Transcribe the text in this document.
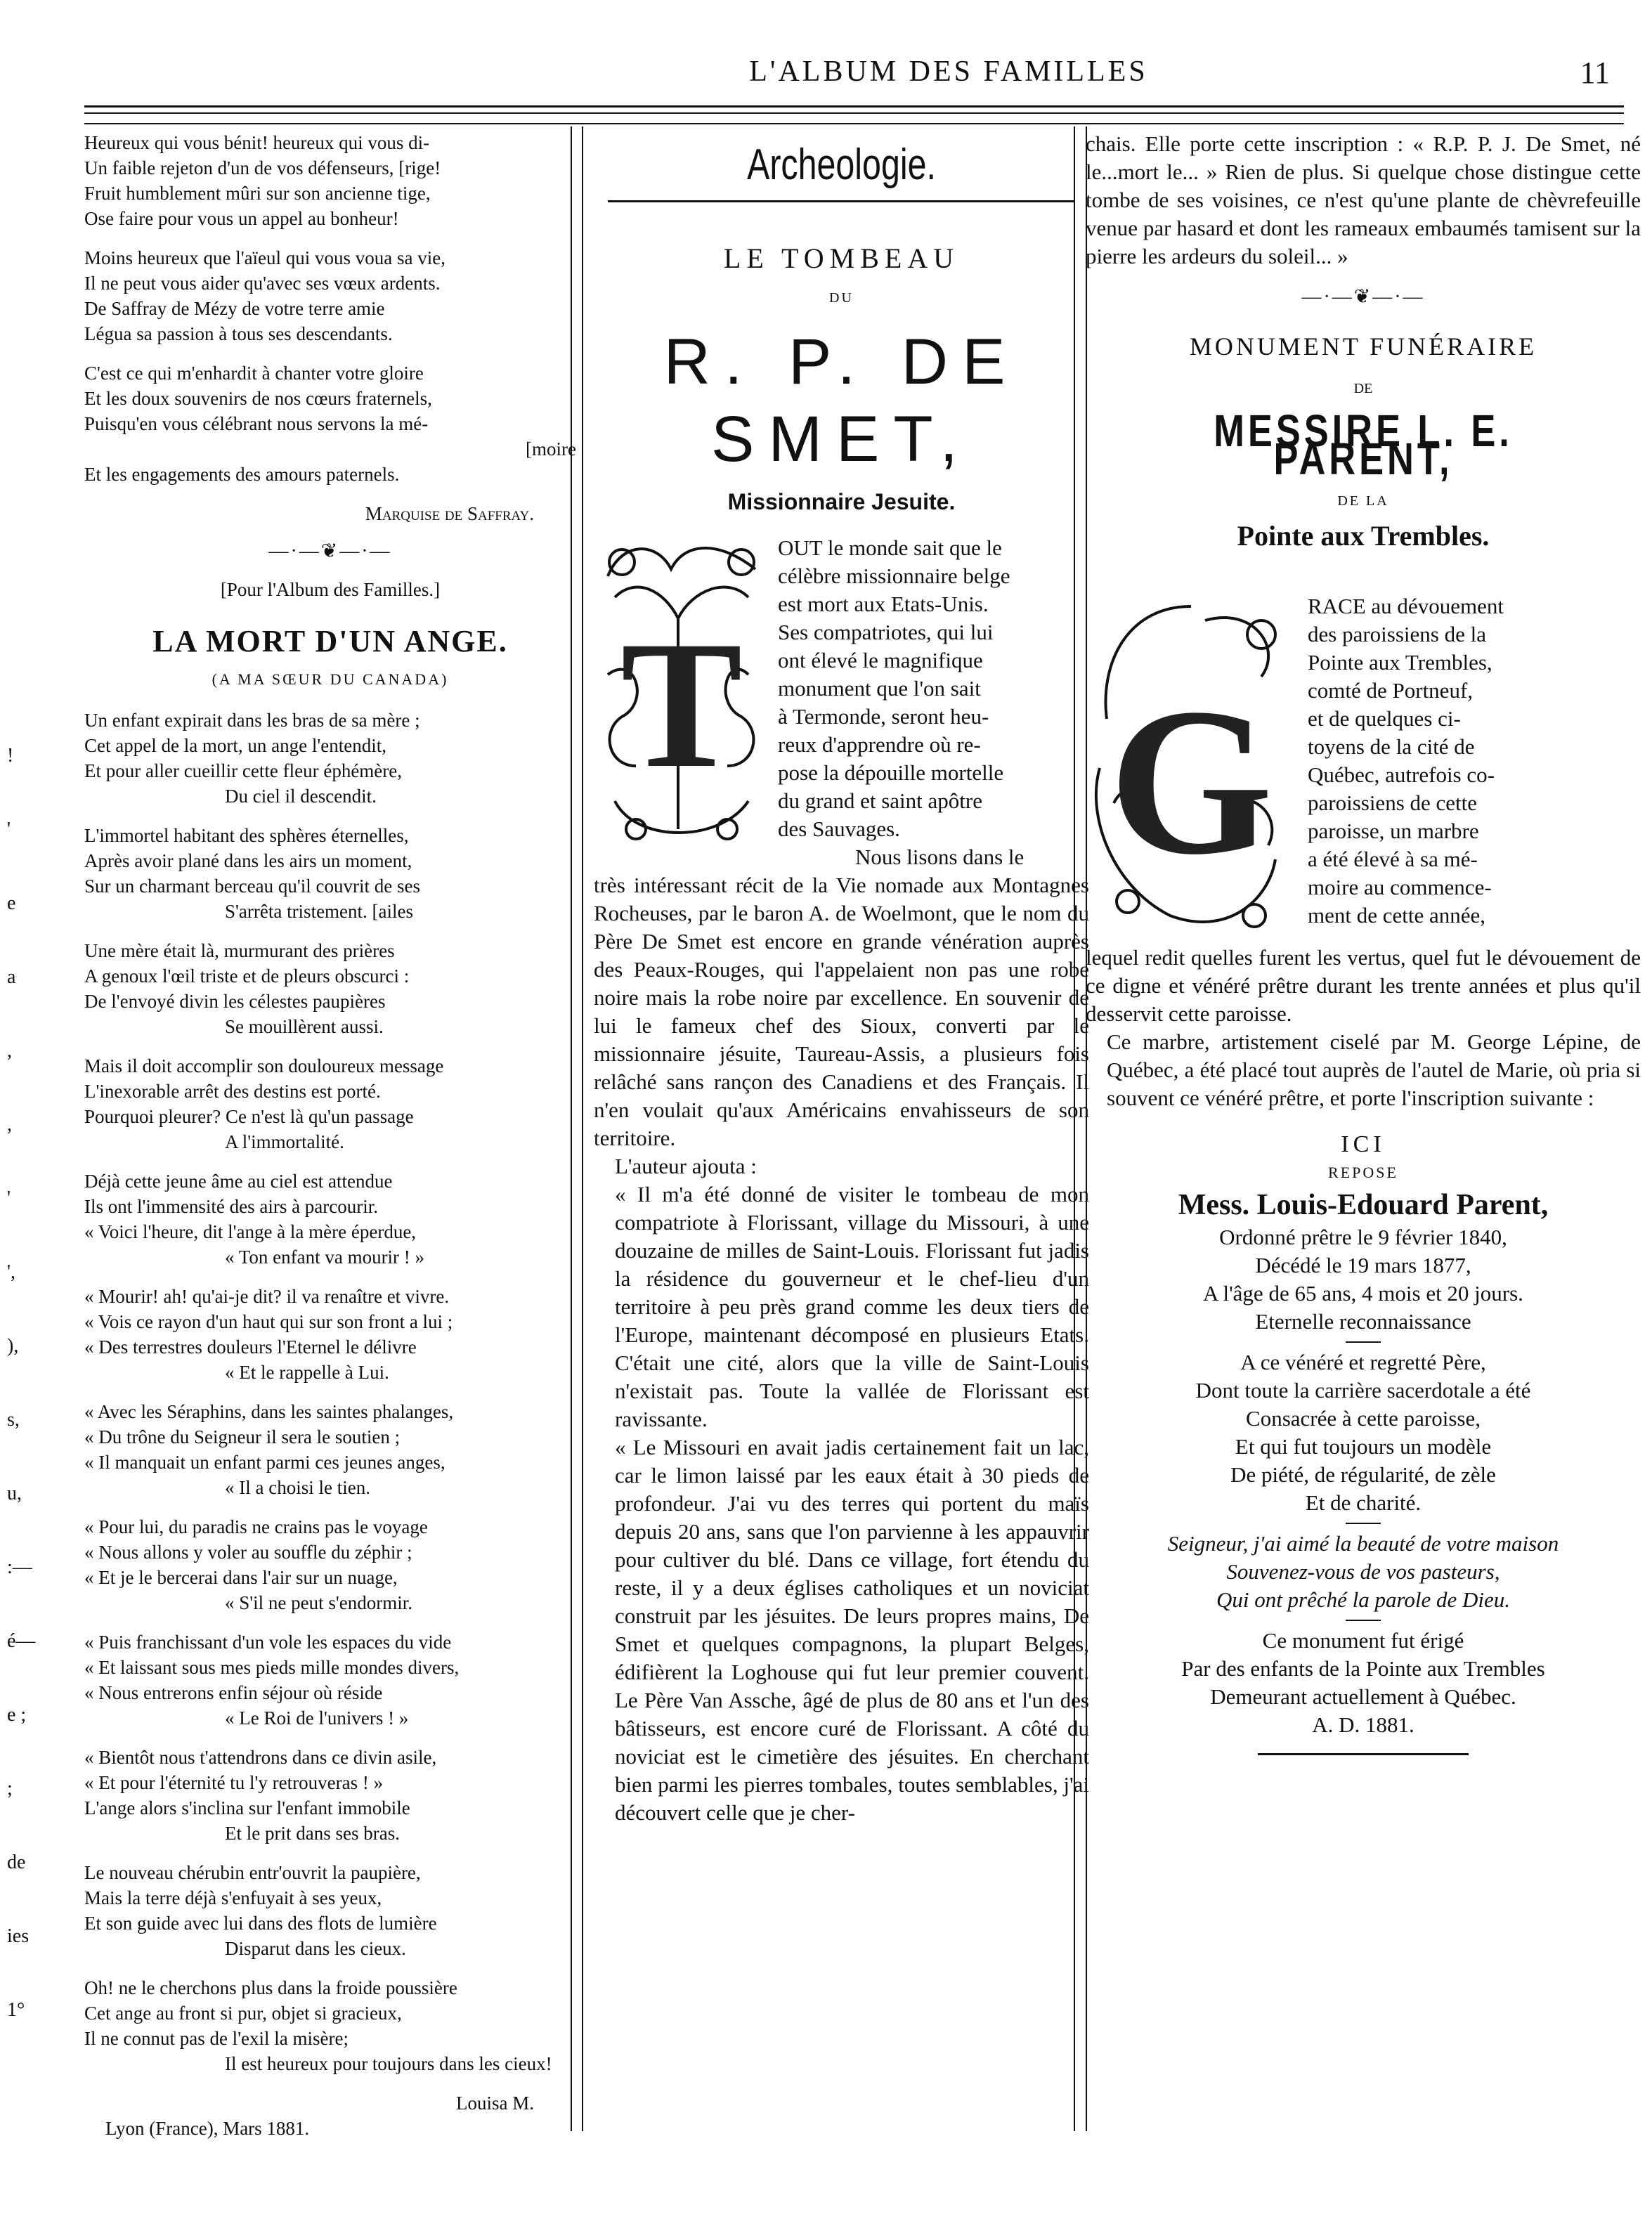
L'ALBUM DES FAMILLES	11
!
'
e
a
,
,
'
',
),
s,
u,
:—
é—
e ;
;
de
ies
1°
Heureux qui vous bénit! heureux qui vous di-
Un faible rejeton d'un de vos défenseurs, [rige!
Fruit humblement mûri sur son ancienne tige,
Ose faire pour vous un appel au bonheur!
Moins heureux que l'aïeul qui vous voua sa vie,
Il ne peut vous aider qu'avec ses vœux ardents.
De Saffray de Mézy de votre terre amie
Légua sa passion à tous ses descendants.
C'est ce qui m'enhardit à chanter votre gloire
Et les doux souvenirs de nos cœurs fraternels,
Puisqu'en vous célébrant nous servons la mé-
[moire
Et les engagements des amours paternels.
Marquise de Saffray.
—·—❦—·—
[Pour l'Album des Familles.]
LA MORT D'UN ANGE.
(A MA SŒUR DU CANADA)
Un enfant expirait dans les bras de sa mère ;
Cet appel de la mort, un ange l'entendit,
Et pour aller cueillir cette fleur éphémère,
Du ciel il descendit.
L'immortel habitant des sphères éternelles,
Après avoir plané dans les airs un moment,
Sur un charmant berceau qu'il couvrit de ses
S'arrêta tristement. [ailes
Une mère était là, murmurant des prières
A genoux l'œil triste et de pleurs obscurci :
De l'envoyé divin les célestes paupières
Se mouillèrent aussi.
Mais il doit accomplir son douloureux message
L'inexorable arrêt des destins est porté.
Pourquoi pleurer? Ce n'est là qu'un passage
A l'immortalité.
Déjà cette jeune âme au ciel est attendue
Ils ont l'immensité des airs à parcourir.
« Voici l'heure, dit l'ange à la mère éperdue,
« Ton enfant va mourir ! »
« Mourir! ah! qu'ai-je dit? il va renaître et vivre.
« Vois ce rayon d'un haut qui sur son front a lui ;
« Des terrestres douleurs l'Eternel le délivre
« Et le rappelle à Lui.
« Avec les Séraphins, dans les saintes phalanges,
« Du trône du Seigneur il sera le soutien ;
« Il manquait un enfant parmi ces jeunes anges,
« Il a choisi le tien.
« Pour lui, du paradis ne crains pas le voyage
« Nous allons y voler au souffle du zéphir ;
« Et je le bercerai dans l'air sur un nuage,
« S'il ne peut s'endormir.
« Puis franchissant d'un vole les espaces du vide
« Et laissant sous mes pieds mille mondes divers,
« Nous entrerons enfin séjour où réside
« Le Roi de l'univers ! »
« Bientôt nous t'attendrons dans ce divin asile,
« Et pour l'éternité tu l'y retrouveras ! »
L'ange alors s'inclina sur l'enfant immobile
Et le prit dans ses bras.
Le nouveau chérubin entr'ouvrit la paupière,
Mais la terre déjà s'enfuyait à ses yeux,
Et son guide avec lui dans des flots de lumière
Disparut dans les cieux.
Oh! ne le cherchons plus dans la froide poussière
Cet ange au front si pur, objet si gracieux,
Il ne connut pas de l'exil la misère;
Il est heureux pour toujours dans les cieux!
Louisa M.
Lyon (France), Mars 1881.
Archeologie.
LE TOMBEAU
DU
R. P. DE SMET,
Missionnaire Jesuite.
T
OUT le monde sait que le
célèbre missionnaire belge
est mort aux Etats-Unis.
Ses compatriotes, qui lui
ont élevé le magnifique
monument que l'on sait
à Termonde, seront heu-
reux d'apprendre où re-
pose la dépouille mortelle
du grand et saint apôtre
des Sauvages.
Nous lisons dans le
très intéressant récit de la Vie nomade aux Montagnes Rocheuses, par le baron A. de Woelmont, que le nom du Père De Smet est encore en grande vénération auprès des Peaux-Rouges, qui l'appelaient non pas une robe noire mais la robe noire par excellence. En souvenir de lui le fameux chef des Sioux, converti par le missionnaire jésuite, Taureau-Assis, a plusieurs fois relâché sans rançon des Canadiens et des Français. Il n'en voulait qu'aux Américains envahisseurs de son territoire.
L'auteur ajouta :
« Il m'a été donné de visiter le tombeau de mon compatriote à Florissant, village du Missouri, à une douzaine de milles de Saint-Louis. Florissant fut jadis la résidence du gouverneur et le chef-lieu d'un territoire à peu près grand comme les deux tiers de l'Europe, maintenant décomposé en plusieurs Etats. C'était une cité, alors que la ville de Saint-Louis n'existait pas. Toute la vallée de Florissant est ravissante.
« Le Missouri en avait jadis certainement fait un lac, car le limon laissé par les eaux était à 30 pieds de profondeur. J'ai vu des terres qui portent du maïs depuis 20 ans, sans que l'on parvienne à les appauvrir pour cultiver du blé. Dans ce village, fort étendu du reste, il y a deux églises catholiques et un noviciat construit par les jésuites. De leurs propres mains, De Smet et quelques compagnons, la plupart Belges, édifièrent la Loghouse qui fut leur premier couvent. Le Père Van Assche, âgé de plus de 80 ans et l'un des bâtisseurs, est encore curé de Florissant. A côté du noviciat est le cimetière des jésuites. En cherchant bien parmi les pierres tombales, toutes semblables, j'ai découvert celle que je cher-
chais. Elle porte cette inscription : « R.P. P. J. De Smet, né le...mort le... » Rien de plus. Si quelque chose distingue cette tombe de ses voisines, ce n'est qu'une plante de chèvrefeuille venue par hasard et dont les rameaux embaumés tamisent sur la pierre les ardeurs du soleil... »
—·—❦—·—
MONUMENT FUNÉRAIRE
DE
MESSIRE L. E. PARENT,
DE LA
Pointe aux Trembles.
G
RACE au dévouement
des paroissiens de la
Pointe aux Trembles,
comté de Portneuf,
et de quelques ci-
toyens de la cité de
Québec, autrefois co-
paroissiens de cette
paroisse, un marbre
a été élevé à sa mé-
moire au commence-
ment de cette année,
lequel redit quelles furent les vertus, quel fut le dévouement de ce digne et vénéré prêtre durant les trente années et plus qu'il desservit cette paroisse.
Ce marbre, artistement ciselé par M. George Lépine, de Québec, a été placé tout auprès de l'autel de Marie, où pria si souvent ce vénéré prêtre, et porte l'inscription suivante :
ICI
REPOSE
Mess. Louis-Edouard Parent,
Ordonné prêtre le 9 février 1840,
Décédé le 19 mars 1877,
A l'âge de 65 ans, 4 mois et 20 jours.
Eternelle reconnaissance
A ce vénéré et regretté Père,
Dont toute la carrière sacerdotale a été
Consacrée à cette paroisse,
Et qui fut toujours un modèle
De piété, de régularité, de zèle
Et de charité.
Seigneur, j'ai aimé la beauté de votre maison
Souvenez-vous de vos pasteurs,
Qui ont prêché la parole de Dieu.
Ce monument fut érigé
Par des enfants de la Pointe aux Trembles
Demeurant actuellement à Québec.
A. D. 1881.
